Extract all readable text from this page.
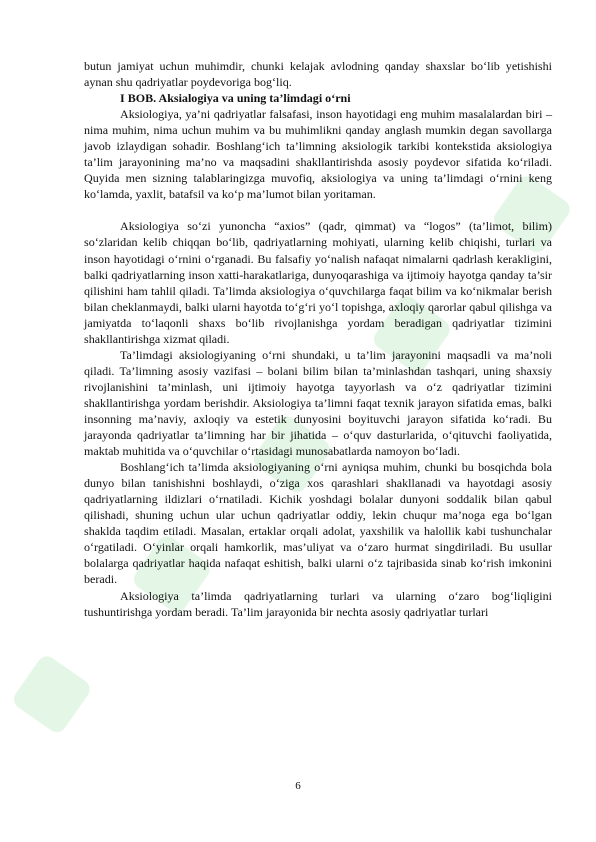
butun jamiyat uchun muhimdir, chunki kelajak avlodning qanday shaxslar bo‘lib yetishishi aynan shu qadriyatlar poydevoriga bog‘liq.

I BOB. Aksialogiya va uning ta’limdagi o‘rni

Aksiologiya, ya’ni qadriyatlar falsafasi, inson hayotidagi eng muhim masalalardan biri – nima muhim, nima uchun muhim va bu muhimlikni qanday anglash mumkin degan savollarga javob izlaydigan sohadir. Boshlang‘ich ta’limning aksiologik tarkibi kontekstida aksiologiya ta’lim jarayonining ma’no va maqsadini shakllantirishda asosiy poydevor sifatida ko‘riladi. Quyida men sizning talablaringizga muvofiq, aksiologiya va uning ta’limdagi o‘rnini keng ko‘lamda, yaxlit, batafsil va ko‘p ma’lumot bilan yoritaman.

Aksiologiya so‘zi yunoncha “axios” (qadr, qimmat) va “logos” (ta’limot, bilim) so‘zlaridan kelib chiqqan bo‘lib, qadriyatlarning mohiyati, ularning kelib chiqishi, turlari va inson hayotidagi o‘rnini o‘rganadi. Bu falsafiy yo‘nalish nafaqat nimalarni qadrlash kerakligini, balki qadriyatlarning inson xatti-harakatlariga, dunyoqarashiga va ijtimoiy hayotga qanday ta’sir qilishini ham tahlil qiladi. Ta’limda aksiologiya o‘quvchilarga faqat bilim va ko‘nikmalar berish bilan cheklanmaydi, balki ularni hayotda to‘g‘ri yo‘l topishga, axloqiy qarorlar qabul qilishga va jamiyatda to‘laqonli shaxs bo‘lib rivojlanishga yordam beradigan qadriyatlar tizimini shakllantirishga xizmat qiladi.

Ta’limdagi aksiologiyaning o‘rni shundaki, u ta’lim jarayonini maqsadli va ma’noli qiladi. Ta’limning asosiy vazifasi – bolani bilim bilan ta’minlashdan tashqari, uning shaxsiy rivojlanishini ta’minlash, uni ijtimoiy hayotga tayyorlash va o‘z qadriyatlar tizimini shakllantirishga yordam berishdir. Aksiologiya ta’limni faqat texnik jarayon sifatida emas, balki insonning ma’naviy, axloqiy va estetik dunyosini boyituvchi jarayon sifatida ko‘radi. Bu jarayonda qadriyatlar ta’limning har bir jihatida – o‘quv dasturlarida, o‘qituvchi faoliyatida, maktab muhitida va o‘quvchilar o‘rtasidagi munosabatlarda namoyon bo‘ladi.

Boshlang‘ich ta’limda aksiologiyaning o‘rni ayniqsa muhim, chunki bu bosqichda bola dunyo bilan tanishishni boshlaydi, o‘ziga xos qarashlari shakllanadi va hayotdagi asosiy qadriyatlarning ildizlari o‘rnatiladi. Kichik yoshdagi bolalar dunyoni soddalik bilan qabul qilishadi, shuning uchun ular uchun qadriyatlar oddiy, lekin chuqur ma’noga ega bo‘lgan shaklda taqdim etiladi. Masalan, ertaklar orqali adolat, yaxshilik va halollik kabi tushunchalar o‘rgatiladi. O‘yinlar orqali hamkorlik, mas’uliyat va o‘zaro hurmat singdiriladi. Bu usullar bolalarga qadriyatlar haqida nafaqat eshitish, balki ularni o‘z tajribasida sinab ko‘rish imkonini beradi.

Aksiologiya ta’limda qadriyatlarning turlari va ularning o‘zaro bog‘liqligini tushuntirishga yordam beradi. Ta’lim jarayonida bir nechta asosiy qadriyatlar turlari

6
